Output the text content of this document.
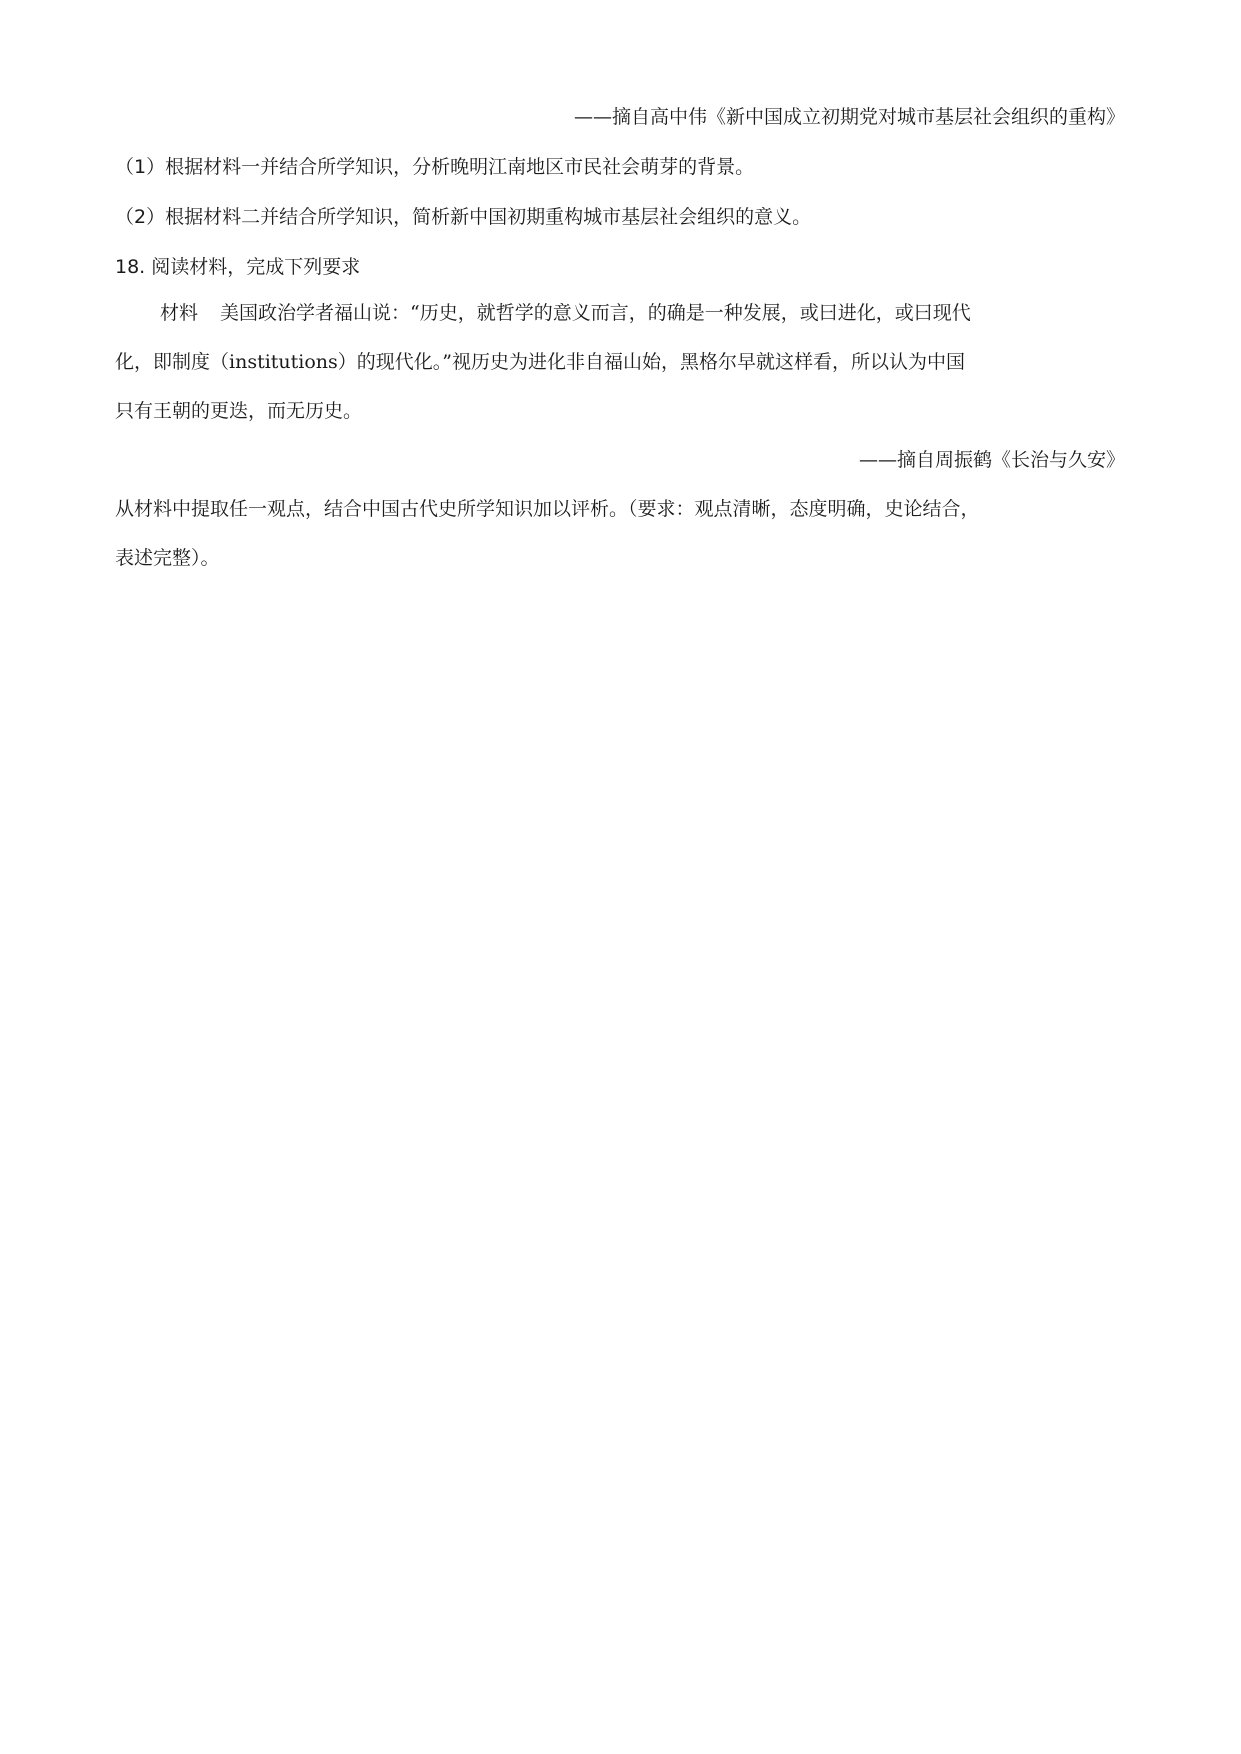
——摘自高中伟《新中国成立初期党对城市基层社会组织的重构》
（1）根据材料一并结合所学知识，分析晚明江南地区市民社会萌芽的背景。
（2）根据材料二并结合所学知识，简析新中国初期重构城市基层社会组织的意义。
18. 阅读材料，完成下列要求
材料 美国政治学者福山说：“历史，就哲学的意义而言，的确是一种发展，或曰进化，或曰现代
化，即制度（institutions）的现代化。”视历史为进化非自福山始，黑格尔早就这样看，所以认为中国
只有王朝的更迭，而无历史。
——摘自周振鹤《长治与久安》
从材料中提取任一观点，结合中国古代史所学知识加以评析。（要求：观点清晰，态度明确，史论结合，
表述完整）。
